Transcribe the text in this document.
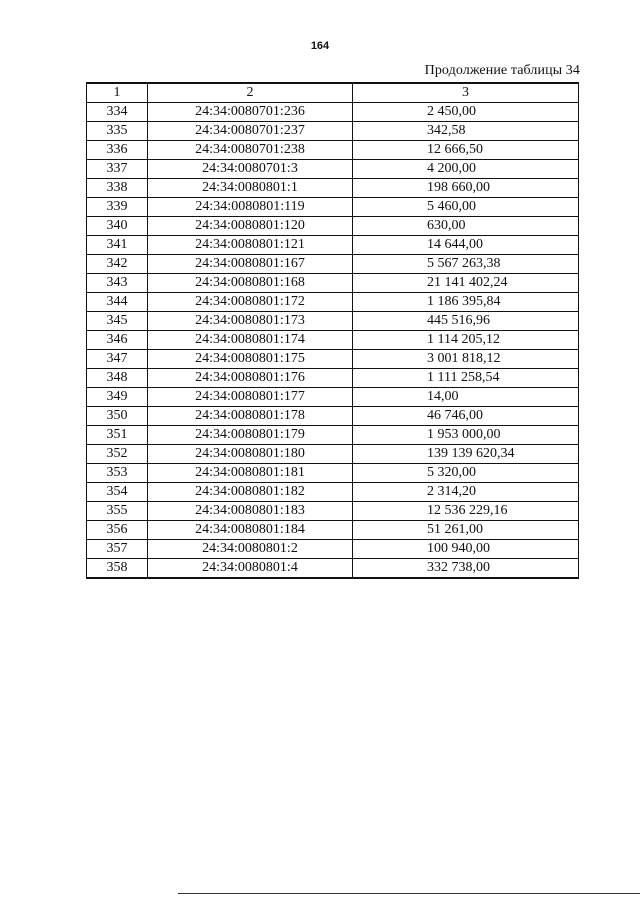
164
Продолжение таблицы 34
1	2	3
334	24:34:0080701:236	2 450,00
335	24:34:0080701:237	342,58
336	24:34:0080701:238	12 666,50
337	24:34:0080701:3	4 200,00
338	24:34:0080801:1	198 660,00
339	24:34:0080801:119	5 460,00
340	24:34:0080801:120	630,00
341	24:34:0080801:121	14 644,00
342	24:34:0080801:167	5 567 263,38
343	24:34:0080801:168	21 141 402,24
344	24:34:0080801:172	1 186 395,84
345	24:34:0080801:173	445 516,96
346	24:34:0080801:174	1 114 205,12
347	24:34:0080801:175	3 001 818,12
348	24:34:0080801:176	1 111 258,54
349	24:34:0080801:177	14,00
350	24:34:0080801:178	46 746,00
351	24:34:0080801:179	1 953 000,00
352	24:34:0080801:180	139 139 620,34
353	24:34:0080801:181	5 320,00
354	24:34:0080801:182	2 314,20
355	24:34:0080801:183	12 536 229,16
356	24:34:0080801:184	51 261,00
357	24:34:0080801:2	100 940,00
358	24:34:0080801:4	332 738,00
